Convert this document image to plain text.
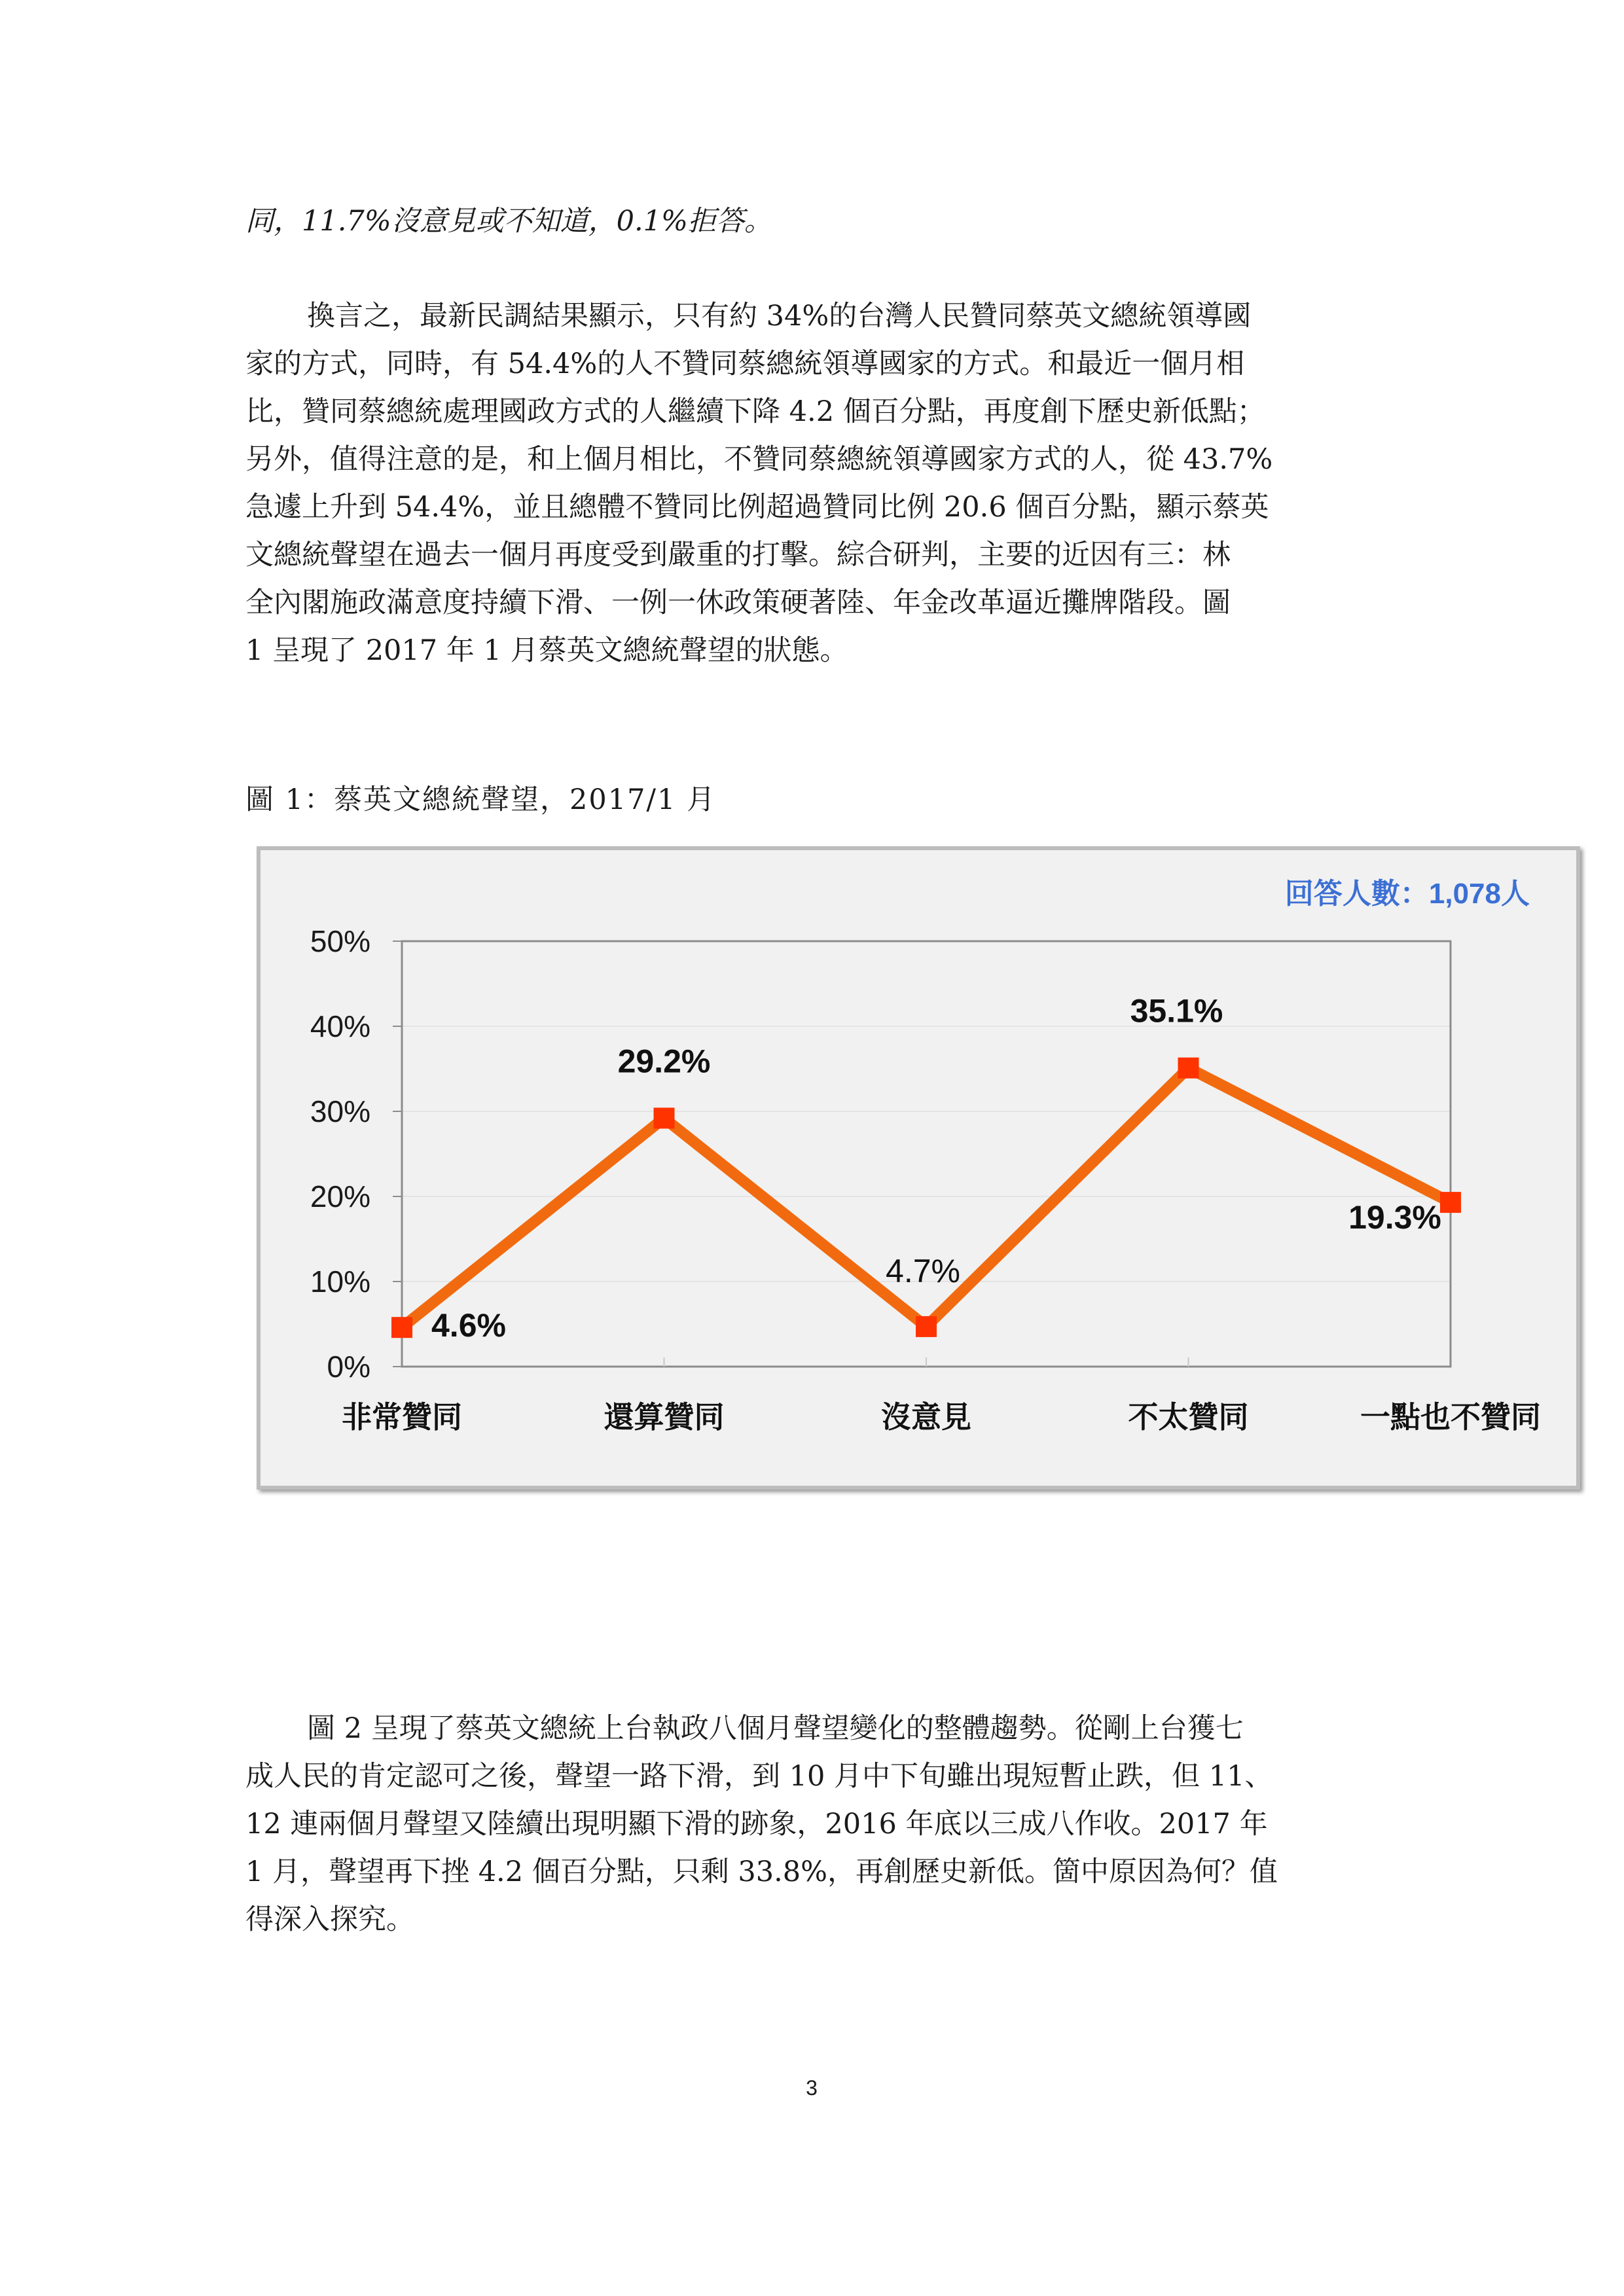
同，11.7%沒意見或不知道，0.1%拒答。
換言之，最新民調結果顯示，只有約 34%的台灣人民贊同蔡英文總統領導國
家的方式，同時，有 54.4%的人不贊同蔡總統領導國家的方式。和最近一個月相
比，贊同蔡總統處理國政方式的人繼續下降 4.2 個百分點，再度創下歷史新低點；
另外，值得注意的是，和上個月相比，不贊同蔡總統領導國家方式的人，從 43.7%
急遽上升到 54.4%，並且總體不贊同比例超過贊同比例 20.6 個百分點，顯示蔡英
文總統聲望在過去一個月再度受到嚴重的打擊。綜合研判，主要的近因有三：林
全內閣施政滿意度持續下滑、一例一休政策硬著陸、年金改革逼近攤牌階段。圖
1 呈現了 2017 年 1 月蔡英文總統聲望的狀態。
圖 1：蔡英文總統聲望，2017/1 月
0%
10%
20%
30%
40%
50%
非常贊同	還算贊同	沒意見	不太贊同	一點也不贊同
4.6%
29.2%
4.7%
35.1%
19.3%
回答人數：1,078人
圖 2 呈現了蔡英文總統上台執政八個月聲望變化的整體趨勢。從剛上台獲七
成人民的肯定認可之後，聲望一路下滑，到 10 月中下旬雖出現短暫止跌，但 11、
12 連兩個月聲望又陸續出現明顯下滑的跡象，2016 年底以三成八作收。2017 年
1 月，聲望再下挫 4.2 個百分點，只剩 33.8%，再創歷史新低。箇中原因為何？值
得深入探究。
3
